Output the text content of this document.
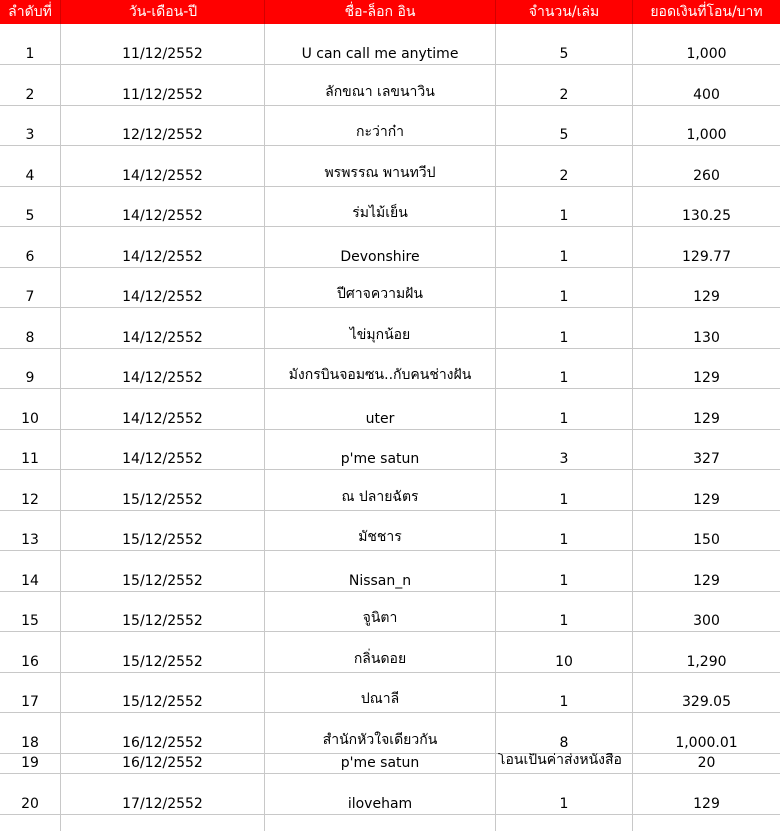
ลำดับที่	วัน-เดือน-ปี	ชื่อ-ล็อก อิน	จำนวน/เล่ม	ยอดเงินที่โอน/บาท
1	11/12/2552	U can call me anytime	5	1,000
2	11/12/2552	ลักขณา เลขนาวิน	2	400
3	12/12/2552	กะว่าก๋า	5	1,000
4	14/12/2552	พรพรรณ พานทวีป	2	260
5	14/12/2552	ร่มไม้เย็น	1	130.25
6	14/12/2552	Devonshire	1	129.77
7	14/12/2552	ปีศาจความฝัน	1	129
8	14/12/2552	ไข่มุกน้อย	1	130
9	14/12/2552	มังกรบินจอมซน..กับคนช่างฝัน	1	129
10	14/12/2552	uter	1	129
11	14/12/2552	p'me satun	3	327
12	15/12/2552	ณ ปลายฉัตร	1	129
13	15/12/2552	มัชชาร	1	150
14	15/12/2552	Nissan_n	1	129
15	15/12/2552	จูนิตา	1	300
16	15/12/2552	กลิ่นดอย	10	1,290
17	15/12/2552	ปณาลี	1	329.05
18	16/12/2552	สำนักหัวใจเดียวกัน	8	1,000.01
19	16/12/2552	p'me satun	โอนเป็นค่าส่งหนังสือ	20
20	17/12/2552	iloveham	1	129
